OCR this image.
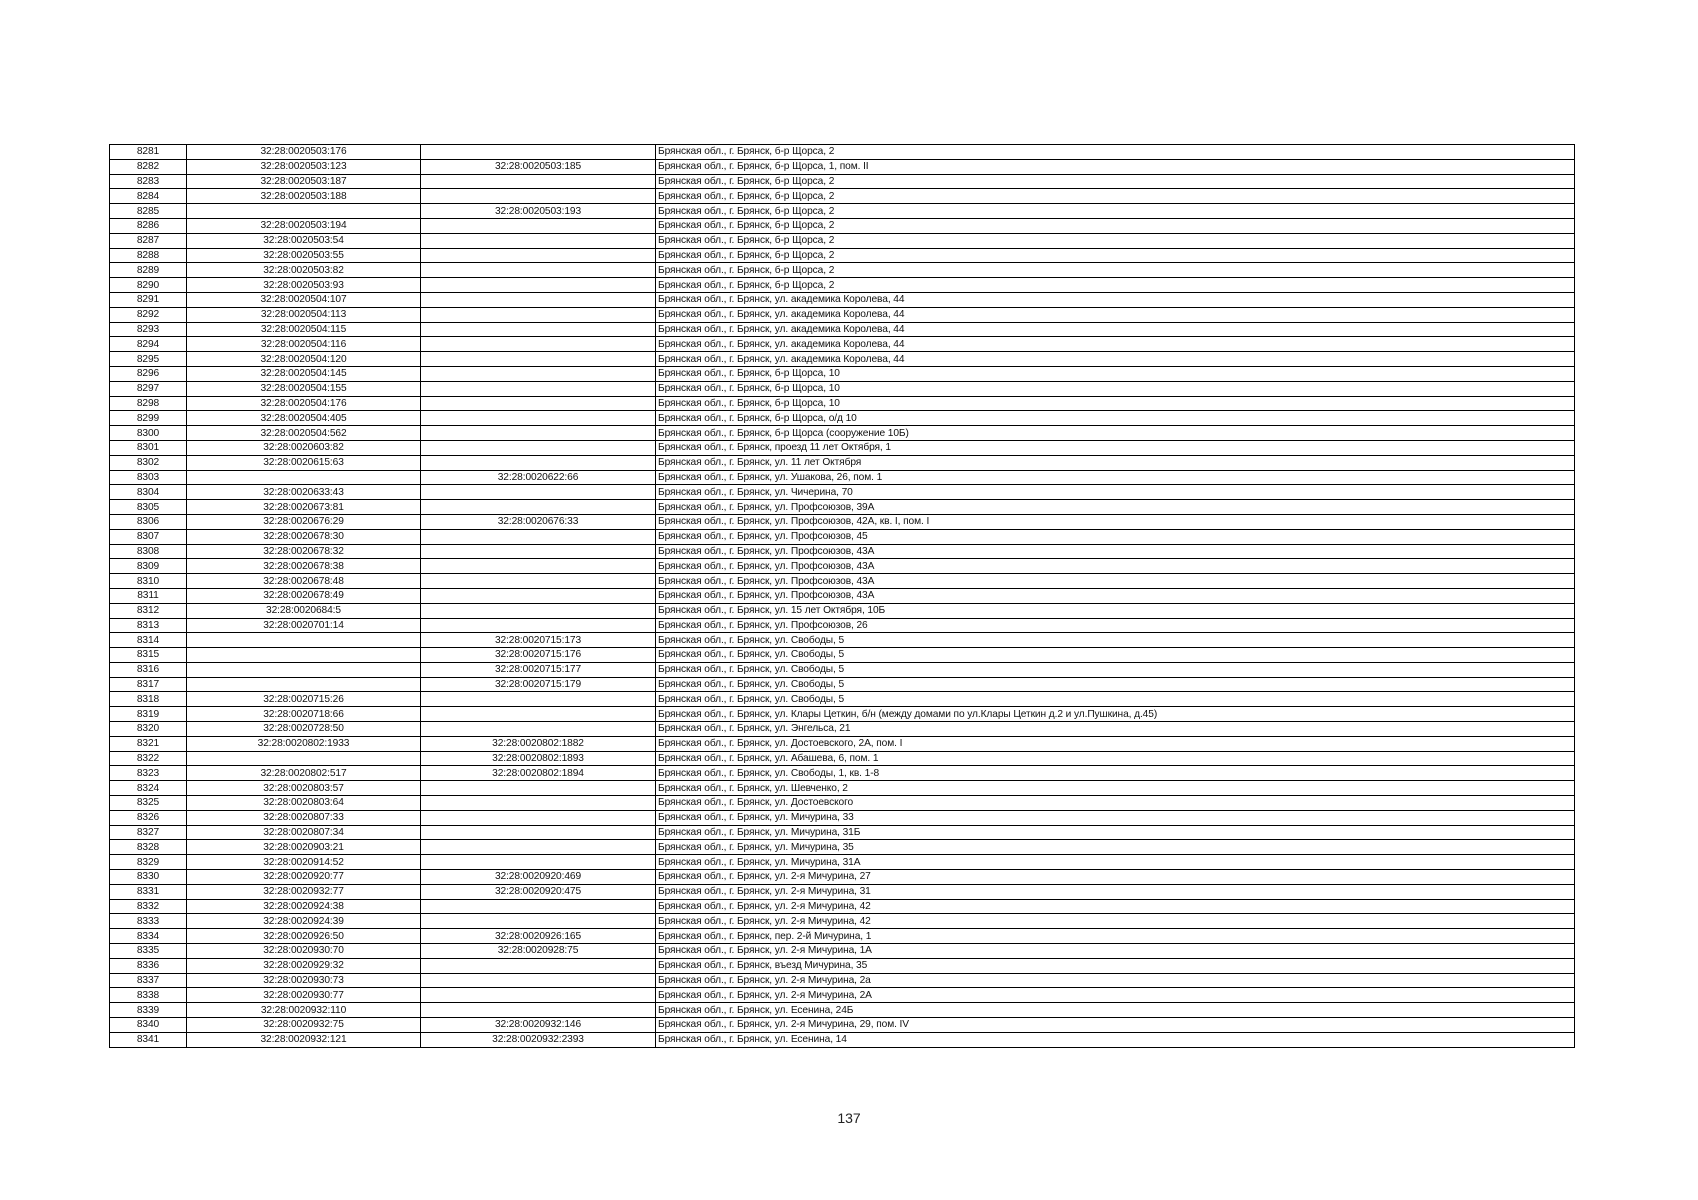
8281	32:28:0020503:176		Брянская обл., г. Брянск, б-р Щорса, 2
8282	32:28:0020503:123	32:28:0020503:185	Брянская обл., г. Брянск, б-р Щорса, 1, пом. II
8283	32:28:0020503:187		Брянская обл., г. Брянск, б-р Щорса, 2
8284	32:28:0020503:188		Брянская обл., г. Брянск, б-р Щорса, 2
8285		32:28:0020503:193	Брянская обл., г. Брянск, б-р Щорса, 2
8286	32:28:0020503:194		Брянская обл., г. Брянск, б-р Щорса, 2
8287	32:28:0020503:54		Брянская обл., г. Брянск, б-р Щорса, 2
8288	32:28:0020503:55		Брянская обл., г. Брянск, б-р Щорса, 2
8289	32:28:0020503:82		Брянская обл., г. Брянск, б-р Щорса, 2
8290	32:28:0020503:93		Брянская обл., г. Брянск, б-р Щорса, 2
8291	32:28:0020504:107		Брянская обл., г. Брянск, ул. академика Королева, 44
8292	32:28:0020504:113		Брянская обл., г. Брянск, ул. академика Королева, 44
8293	32:28:0020504:115		Брянская обл., г. Брянск, ул. академика Королева, 44
8294	32:28:0020504:116		Брянская обл., г. Брянск, ул. академика Королева, 44
8295	32:28:0020504:120		Брянская обл., г. Брянск, ул. академика Королева, 44
8296	32:28:0020504:145		Брянская обл., г. Брянск, б-р Щорса, 10
8297	32:28:0020504:155		Брянская обл., г. Брянск, б-р Щорса, 10
8298	32:28:0020504:176		Брянская обл., г. Брянск, б-р Щорса, 10
8299	32:28:0020504:405		Брянская обл., г. Брянск, б-р Щорса, о/д 10
8300	32:28:0020504:562		Брянская обл., г. Брянск, б-р Щорса (сооружение 10Б)
8301	32:28:0020603:82		Брянская обл., г. Брянск, проезд 11 лет Октября, 1
8302	32:28:0020615:63		Брянская обл., г. Брянск, ул. 11 лет Октября
8303		32:28:0020622:66	Брянская обл., г. Брянск, ул. Ушакова, 26, пом. 1
8304	32:28:0020633:43		Брянская обл., г. Брянск, ул. Чичерина, 70
8305	32:28:0020673:81		Брянская обл., г. Брянск, ул. Профсоюзов, 39А
8306	32:28:0020676:29	32:28:0020676:33	Брянская обл., г. Брянск, ул. Профсоюзов, 42А, кв. I, пом. I
8307	32:28:0020678:30		Брянская обл., г. Брянск, ул. Профсоюзов, 45
8308	32:28:0020678:32		Брянская обл., г. Брянск, ул. Профсоюзов, 43А
8309	32:28:0020678:38		Брянская обл., г. Брянск, ул. Профсоюзов, 43А
8310	32:28:0020678:48		Брянская обл., г. Брянск, ул. Профсоюзов, 43А
8311	32:28:0020678:49		Брянская обл., г. Брянск, ул. Профсоюзов, 43А
8312	32:28:0020684:5		Брянская обл., г. Брянск, ул. 15 лет Октября, 10Б
8313	32:28:0020701:14		Брянская обл., г. Брянск, ул. Профсоюзов, 26
8314		32:28:0020715:173	Брянская обл., г. Брянск, ул. Свободы, 5
8315		32:28:0020715:176	Брянская обл., г. Брянск, ул. Свободы, 5
8316		32:28:0020715:177	Брянская обл., г. Брянск, ул. Свободы, 5
8317		32:28:0020715:179	Брянская обл., г. Брянск, ул. Свободы, 5
8318	32:28:0020715:26		Брянская обл., г. Брянск, ул. Свободы, 5
8319	32:28:0020718:66		Брянская обл., г. Брянск, ул. Клары Цеткин, б/н (между домами по ул.Клары Цеткин д.2 и ул.Пушкина, д.45)
8320	32:28:0020728:50		Брянская обл., г. Брянск, ул. Энгельса, 21
8321	32:28:0020802:1933	32:28:0020802:1882	Брянская обл., г. Брянск, ул. Достоевского, 2А, пом. I
8322		32:28:0020802:1893	Брянская обл., г. Брянск, ул. Абашева, 6, пом. 1
8323	32:28:0020802:517	32:28:0020802:1894	Брянская обл., г. Брянск, ул. Свободы, 1, кв. 1-8
8324	32:28:0020803:57		Брянская обл., г. Брянск, ул. Шевченко, 2
8325	32:28:0020803:64		Брянская обл., г. Брянск, ул. Достоевского
8326	32:28:0020807:33		Брянская обл., г. Брянск, ул. Мичурина, 33
8327	32:28:0020807:34		Брянская обл., г. Брянск, ул. Мичурина, 31Б
8328	32:28:0020903:21		Брянская обл., г. Брянск, ул. Мичурина, 35
8329	32:28:0020914:52		Брянская обл., г. Брянск, ул. Мичурина, 31А
8330	32:28:0020920:77	32:28:0020920:469	Брянская обл., г. Брянск, ул. 2-я Мичурина, 27
8331	32:28:0020932:77	32:28:0020920:475	Брянская обл., г. Брянск, ул. 2-я Мичурина, 31
8332	32:28:0020924:38		Брянская обл., г. Брянск, ул. 2-я Мичурина, 42
8333	32:28:0020924:39		Брянская обл., г. Брянск, ул. 2-я Мичурина, 42
8334	32:28:0020926:50	32:28:0020926:165	Брянская обл., г. Брянск, пер. 2-й Мичурина, 1
8335	32:28:0020930:70	32:28:0020928:75	Брянская обл., г. Брянск, ул. 2-я Мичурина, 1А
8336	32:28:0020929:32		Брянская обл., г. Брянск, въезд Мичурина, 35
8337	32:28:0020930:73		Брянская обл., г. Брянск, ул. 2-я Мичурина, 2а
8338	32:28:0020930:77		Брянская обл., г. Брянск, ул. 2-я Мичурина, 2А
8339	32:28:0020932:110		Брянская обл., г. Брянск, ул. Есенина, 24Б
8340	32:28:0020932:75	32:28:0020932:146	Брянская обл., г. Брянск, ул. 2-я Мичурина, 29, пом. IV
8341	32:28:0020932:121	32:28:0020932:2393	Брянская обл., г. Брянск, ул. Есенина, 14
137
